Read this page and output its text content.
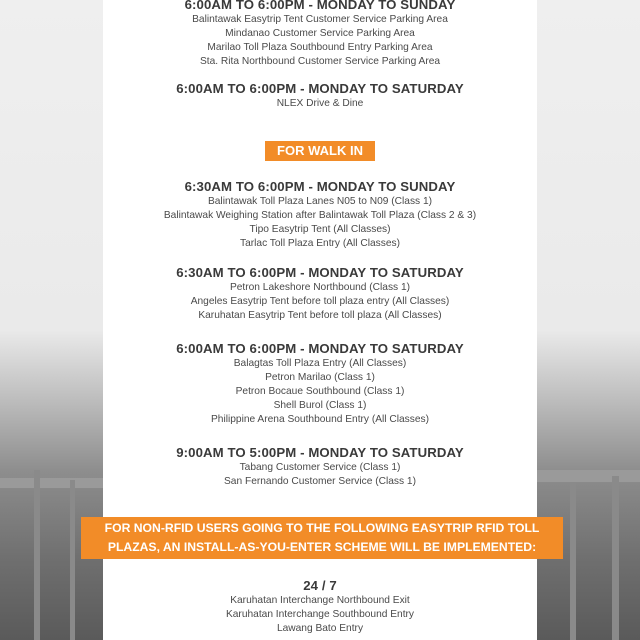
6:00AM TO 6:00PM - MONDAY TO SUNDAY
Balintawak Easytrip Tent Customer Service Parking Area
Mindanao Customer Service Parking Area
Marilao Toll Plaza Southbound Entry Parking Area
Sta. Rita Northbound Customer Service Parking Area
6:00AM TO 6:00PM - MONDAY TO SATURDAY
NLEX Drive & Dine
FOR WALK IN
6:30AM TO 6:00PM - MONDAY TO SUNDAY
Balintawak Toll Plaza Lanes N05 to N09 (Class 1)
Balintawak Weighing Station after Balintawak Toll Plaza (Class 2 & 3)
Tipo Easytrip Tent (All Classes)
Tarlac Toll Plaza Entry (All Classes)
6:30AM TO 6:00PM - MONDAY TO SATURDAY
Petron Lakeshore Northbound (Class 1)
Angeles Easytrip Tent before toll plaza entry (All Classes)
Karuhatan Easytrip Tent before toll plaza (All Classes)
6:00AM TO 6:00PM - MONDAY TO SATURDAY
Balagtas Toll Plaza Entry (All Classes)
Petron Marilao (Class 1)
Petron Bocaue Southbound (Class 1)
Shell Burol (Class 1)
Philippine Arena Southbound Entry (All Classes)
9:00AM TO 5:00PM - MONDAY TO SATURDAY
Tabang Customer Service (Class 1)
San Fernando Customer Service (Class 1)
FOR NON-RFID USERS GOING TO THE FOLLOWING EASYTRIP RFID TOLL
PLAZAS, AN INSTALL-AS-YOU-ENTER SCHEME WILL BE IMPLEMENTED:
24 / 7
Karuhatan Interchange Northbound Exit
Karuhatan Interchange Southbound Entry
Lawang Bato Entry
